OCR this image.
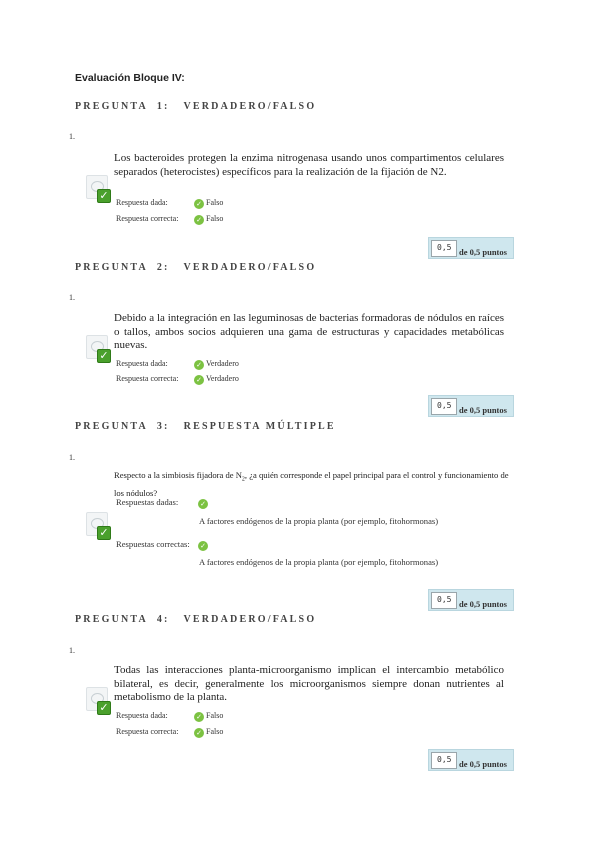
Evaluación Bloque IV:
PREGUNTA  1:   VERDADERO/FALSO
1.
Los bacteroides protegen la enzima nitrogenasa usando unos compartimentos celulares separados (heterocistes) específicos para la realización de la fijación de N2.
✓
Respuesta dada:	✓ Falso
Respuesta correcta:	✓ Falso
0,5 de 0,5 puntos
PREGUNTA  2:   VERDADERO/FALSO
1.
Debido a la integración en las leguminosas de bacterias formadoras de nódulos en raíces o tallos, ambos socios adquieren una gama de estructuras y capacidades metabólicas nuevas.
✓
Respuesta dada:	✓ Verdadero
Respuesta correcta:	✓ Verdadero
0,5 de 0,5 puntos
PREGUNTA  3:   RESPUESTA MÚLTIPLE
1.
Respecto a la simbiosis fijadora de $N_2$, ¿a quién corresponde el papel principal para el control y funcionamiento de los nódulos?
Respuestas dadas:	✓
✓
A factores endógenos de la propia planta (por ejemplo, fitohormonas)
Respuestas correctas: ✓
A factores endógenos de la propia planta (por ejemplo, fitohormonas)
0,5 de 0,5 puntos
PREGUNTA  4:   VERDADERO/FALSO
1.
Todas las interacciones planta-microorganismo implican el intercambio metabólico bilateral, es decir, generalmente los microorganismos siempre donan nutrientes al metabolismo de la planta.
✓
Respuesta dada:	✓ Falso
Respuesta correcta:	✓ Falso
0,5 de 0,5 puntos
